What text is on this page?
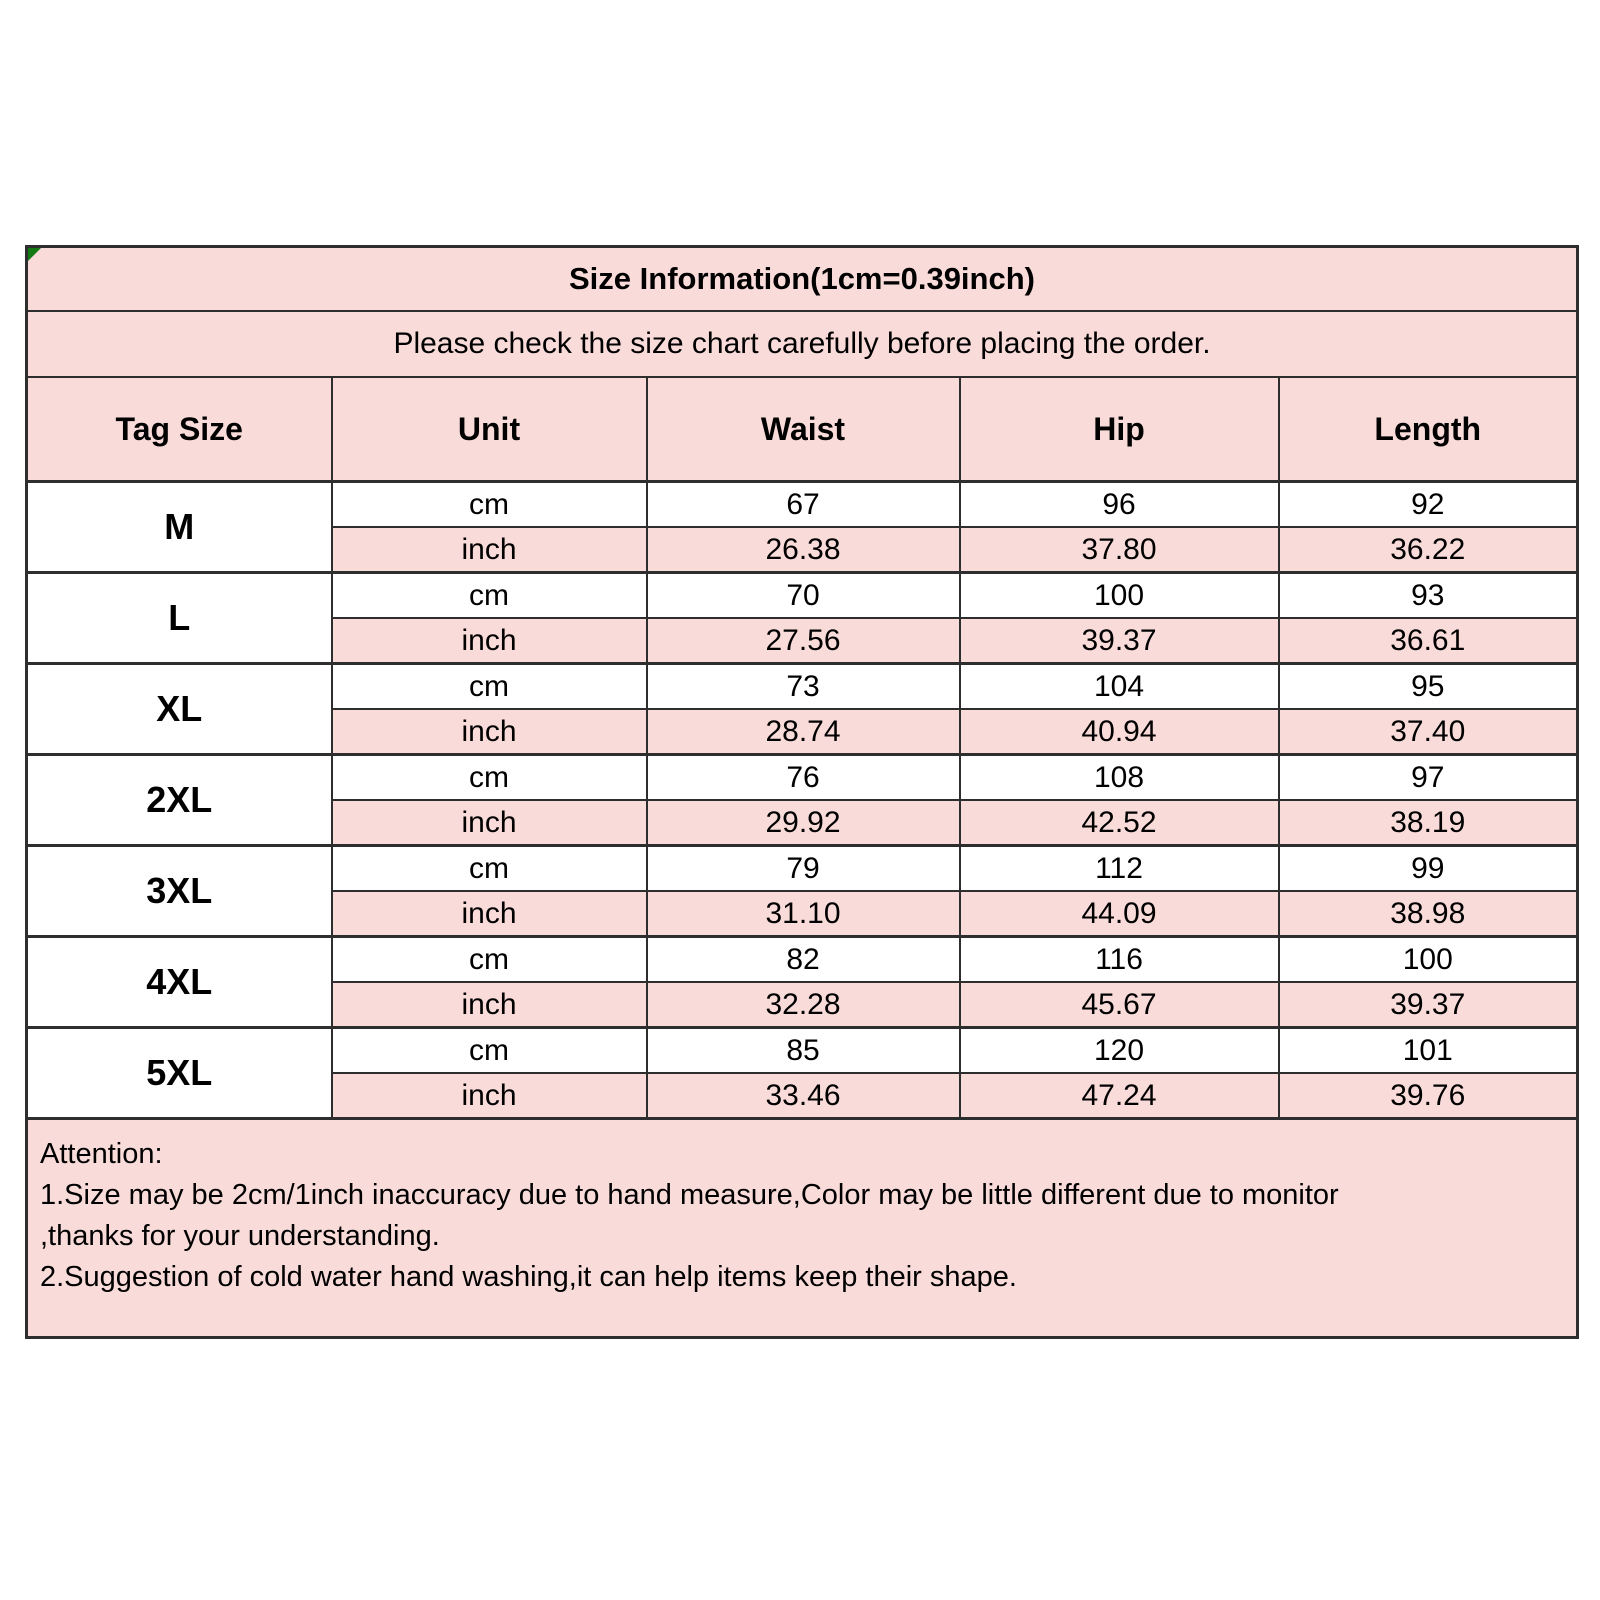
Size Information(1cm=0.39inch)				
Please check the size chart carefully before placing the order.				
Tag Size	Unit	Waist	Hip	Length
M	cm	67	96	92
	inch	26.38	37.80	36.22
L	cm	70	100	93
	inch	27.56	39.37	36.61
XL	cm	73	104	95
	inch	28.74	40.94	37.40
2XL	cm	76	108	97
	inch	29.92	42.52	38.19
3XL	cm	79	112	99
	inch	31.10	44.09	38.98
4XL	cm	82	116	100
	inch	32.28	45.67	39.37
5XL	cm	85	120	101
	inch	33.46	47.24	39.76

Attention:
1.Size may be 2cm/1inch inaccuracy due to hand measure,Color may be little different due to monitor
,thanks for your understanding.
2.Suggestion of cold water hand washing,it can help items keep their shape.				
